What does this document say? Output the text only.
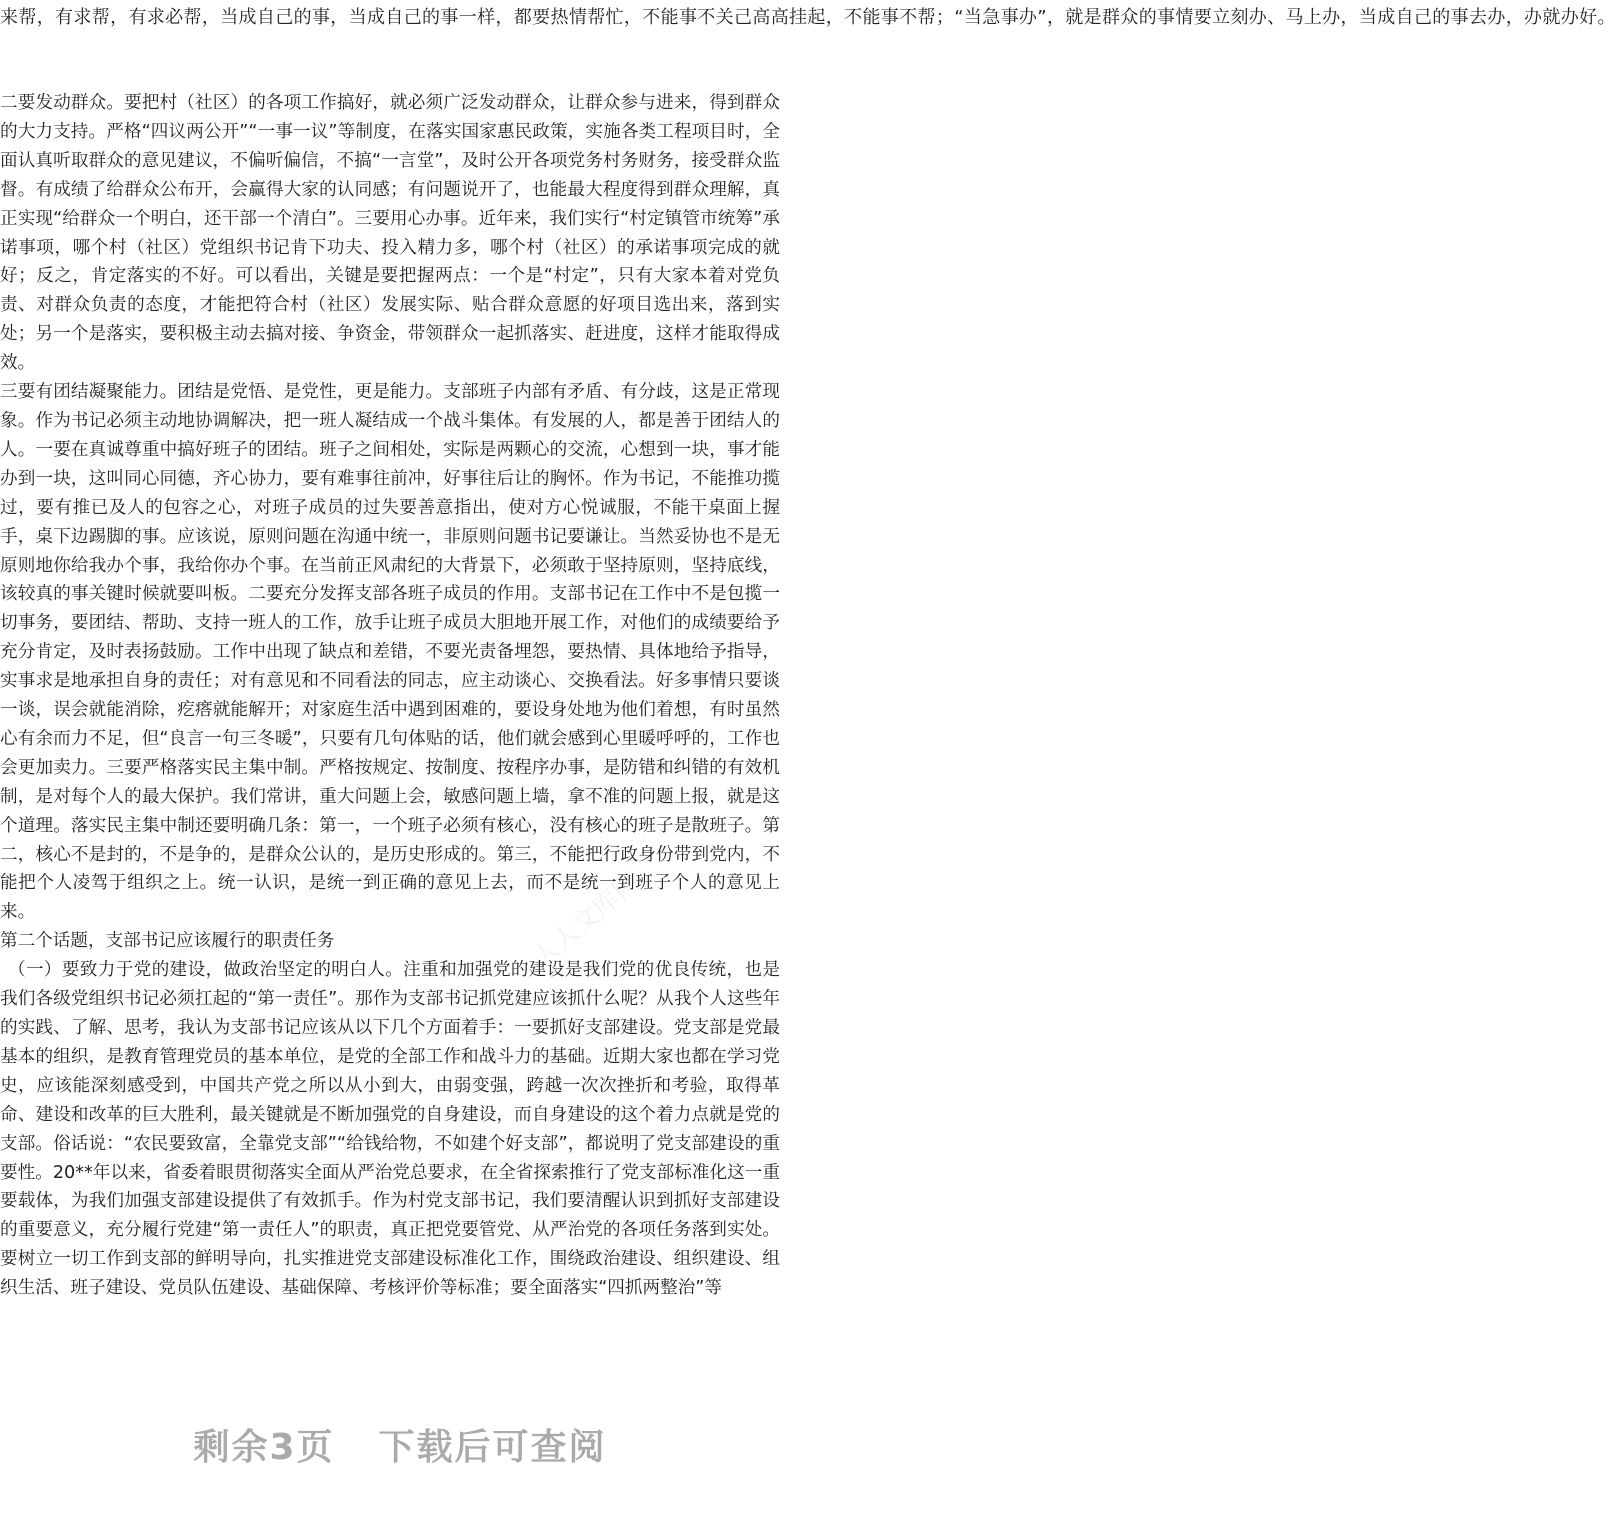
来帮，有求帮，有求必帮，当成自己的事，当成自己的事一样，都要热情帮忙，不能事不关己高高挂起，不能事不帮；“当急事办”，就是群众的事情要立刻办、马上办，当成自己的事去办，办就办好。

人人文库网

二要发动群众。要把村（社区）的各项工作搞好，就必须广泛发动群众，让群众参与进来，得到群众的大力支持。严格“四议两公开”“一事一议”等制度，在落实国家惠民政策，实施各类工程项目时，全面认真听取群众的意见建议，不偏听偏信，不搞“一言堂”，及时公开各项党务村务财务，接受群众监督。有成绩了给群众公布开，会赢得大家的认同感；有问题说开了，也能最大程度得到群众理解，真正实现“给群众一个明白，还干部一个清白”。三要用心办事。近年来，我们实行“村定镇管市统筹”承诺事项，哪个村（社区）党组织书记肯下功夫、投入精力多，哪个村（社区）的承诺事项完成的就好；反之，肯定落实的不好。可以看出，关键是要把握两点：一个是“村定”，只有大家本着对党负责、对群众负责的态度，才能把符合村（社区）发展实际、贴合群众意愿的好项目选出来，落到实处；另一个是落实，要积极主动去搞对接、争资金，带领群众一起抓落实、赶进度，这样才能取得成效。

三要有团结凝聚能力。团结是党悟、是党性，更是能力。支部班子内部有矛盾、有分歧，这是正常现象。作为书记必须主动地协调解决，把一班人凝结成一个战斗集体。有发展的人，都是善于团结人的人。一要在真诚尊重中搞好班子的团结。班子之间相处，实际是两颗心的交流，心想到一块，事才能办到一块，这叫同心同德，齐心协力，要有难事往前冲，好事往后让的胸怀。作为书记，不能推功揽过，要有推已及人的包容之心，对班子成员的过失要善意指出，使对方心悦诚服，不能干桌面上握手，桌下边踢脚的事。应该说，原则问题在沟通中统一，非原则问题书记要谦让。当然妥协也不是无原则地你给我办个事，我给你办个事。在当前正风肃纪的大背景下，必须敢于坚持原则，坚持底线，该较真的事关键时候就要叫板。二要充分发挥支部各班子成员的作用。支部书记在工作中不是包揽一切事务，要团结、帮助、支持一班人的工作，放手让班子成员大胆地开展工作，对他们的成绩要给予充分肯定，及时表扬鼓励。工作中出现了缺点和差错，不要光责备埋怨，要热情、具体地给予指导，实事求是地承担自身的责任；对有意见和不同看法的同志，应主动谈心、交换看法。好多事情只要谈一谈，误会就能消除，疙瘩就能解开；对家庭生活中遇到困难的，要设身处地为他们着想，有时虽然心有余而力不足，但“良言一句三冬暖”，只要有几句体贴的话，他们就会感到心里暖呼呼的，工作也会更加卖力。三要严格落实民主集中制。严格按规定、按制度、按程序办事，是防错和纠错的有效机制，是对每个人的最大保护。我们常讲，重大问题上会，敏感问题上墙，拿不准的问题上报，就是这个道理。落实民主集中制还要明确几条：第一，一个班子必须有核心，没有核心的班子是散班子。第二，核心不是封的，不是争的，是群众公认的，是历史形成的。第三，不能把行政身份带到党内，不能把个人凌驾于组织之上。统一认识，是统一到正确的意见上去，而不是统一到班子个人的意见上来。

第二个话题，支部书记应该履行的职责任务

（一）要致力于党的建设，做政治坚定的明白人。注重和加强党的建设是我们党的优良传统，也是我们各级党组织书记必须扛起的“第一责任”。那作为支部书记抓党建应该抓什么呢？从我个人这些年的实践、了解、思考，我认为支部书记应该从以下几个方面着手：一要抓好支部建设。党支部是党最基本的组织，是教育管理党员的基本单位，是党的全部工作和战斗力的基础。近期大家也都在学习党史，应该能深刻感受到，中国共产党之所以从小到大，由弱变强，跨越一次次挫折和考验，取得革命、建设和改革的巨大胜利，最关键就是不断加强党的自身建设，而自身建设的这个着力点就是党的支部。俗话说：“农民要致富，全靠党支部”“给钱给物，不如建个好支部”，都说明了党支部建设的重要性。20**年以来，省委着眼贯彻落实全面从严治党总要求，在全省探索推行了党支部标准化这一重要载体，为我们加强支部建设提供了有效抓手。作为村党支部书记，我们要清醒认识到抓好支部建设的重要意义，充分履行党建“第一责任人”的职责，真正把党要管党、从严治党的各项任务落到实处。要树立一切工作到支部的鲜明导向，扎实推进党支部建设标准化工作，围绕政治建设、组织建设、组织生活、班子建设、党员队伍建设、基础保障、考核评价等标准；要全面落实“四抓两整治”等

剩余3页 下载后可查阅
